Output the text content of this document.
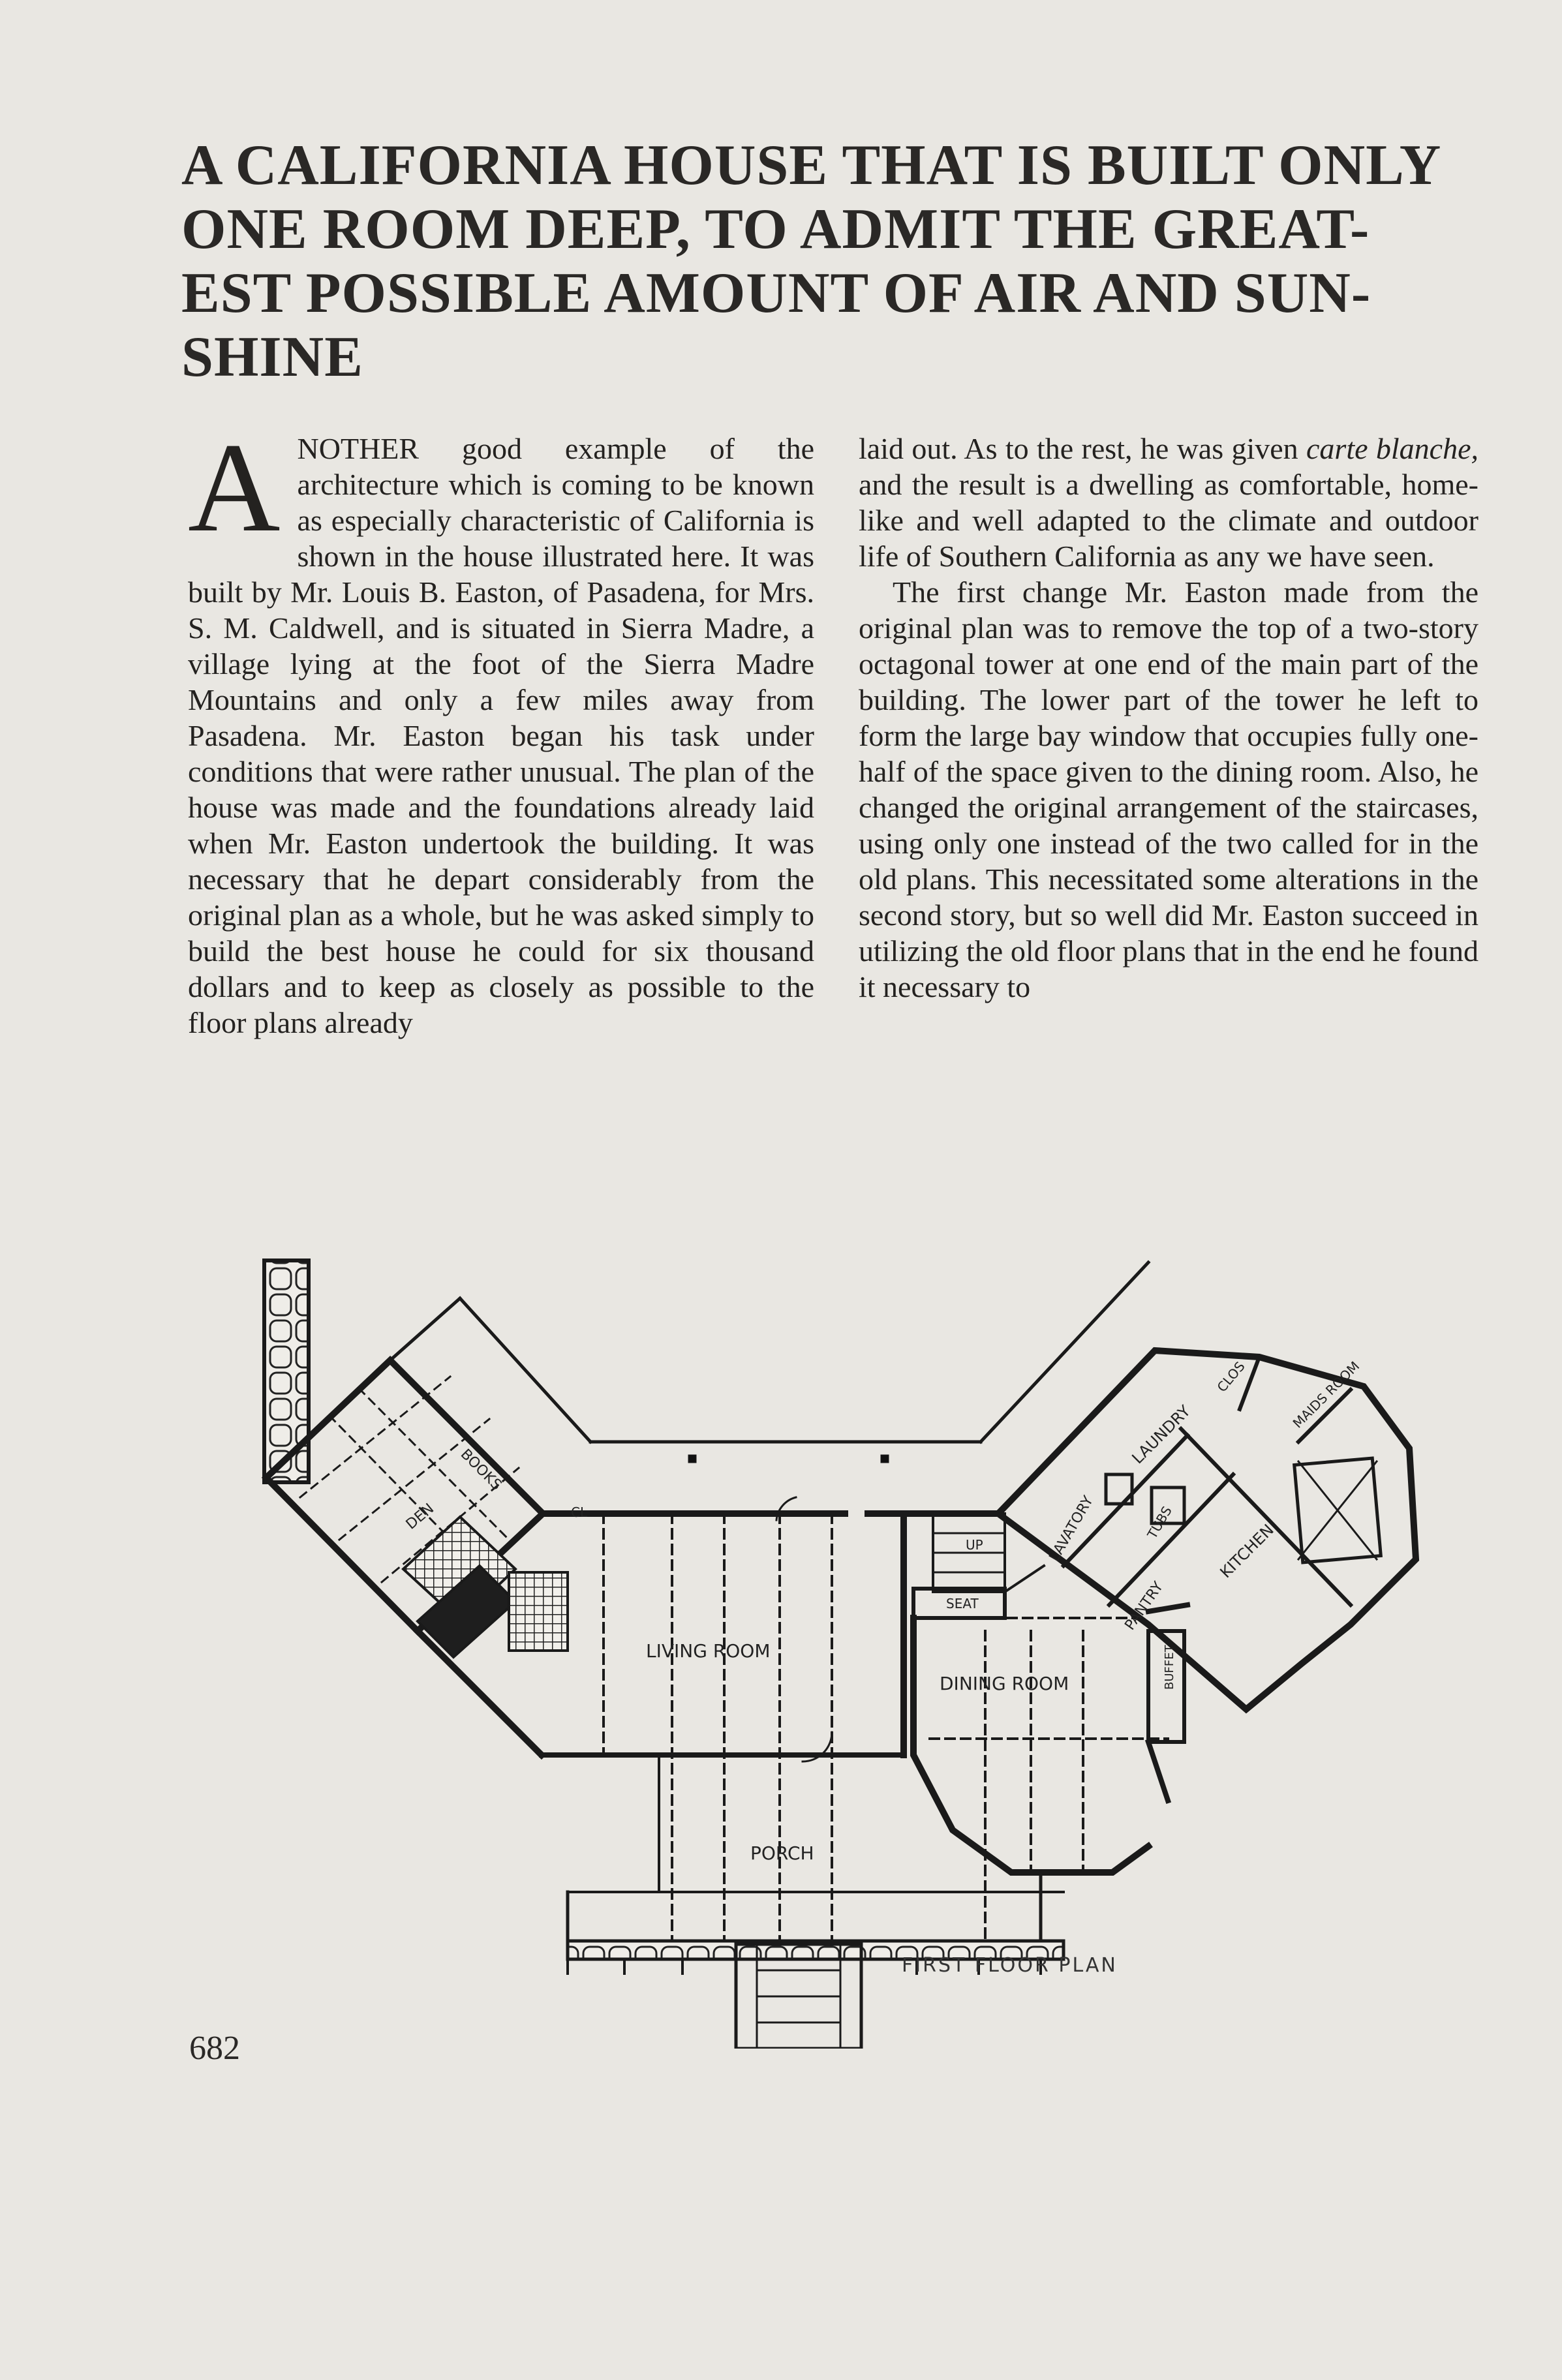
A CALIFORNIA HOUSE THAT IS BUILT ONLY
ONE ROOM DEEP, TO ADMIT THE GREAT-
EST POSSIBLE AMOUNT OF AIR AND SUN-
SHINE

ANOTHER good example of the architecture which is coming to be known as especially characteristic of California is shown in the house illustrated here. It was built by Mr. Louis B. Easton, of Pasadena, for Mrs. S. M. Caldwell, and is situated in Sierra Madre, a village lying at the foot of the Sierra Madre Mountains and only a few miles away from Pasadena. Mr. Easton began his task under conditions that were rather unusual. The plan of the house was made and the foundations already laid when Mr. Easton undertook the building. It was necessary that he depart considerably from the original plan as a whole, but he was asked simply to build the best house he could for six thousand dollars and to keep as closely as possible to the floor plans already

laid out. As to the rest, he was given carte blanche, and the result is a dwelling as comfortable, home-like and well adapted to the climate and outdoor life of Southern California as any we have seen.

The first change Mr. Easton made from the original plan was to remove the top of a two-story octagonal tower at one end of the main part of the building. The lower part of the tower he left to form the large bay window that occupies fully one-half of the space given to the dining room. Also, he changed the original arrangement of the staircases, using only one instead of the two called for in the old plans. This necessitated some alterations in the second story, but so well did Mr. Easton succeed in utilizing the old floor plans that in the end he found it necessary to

LIVING ROOM
DINING ROOM
PORCH
SEAT
UP
CL
DEN
BOOKS
LAVATORY	TUBS
PANTRY
LAUNDRY
KITCHEN
CLOS	MAIDS ROOM
BUFFET
FIRST FLOOR PLAN
682
